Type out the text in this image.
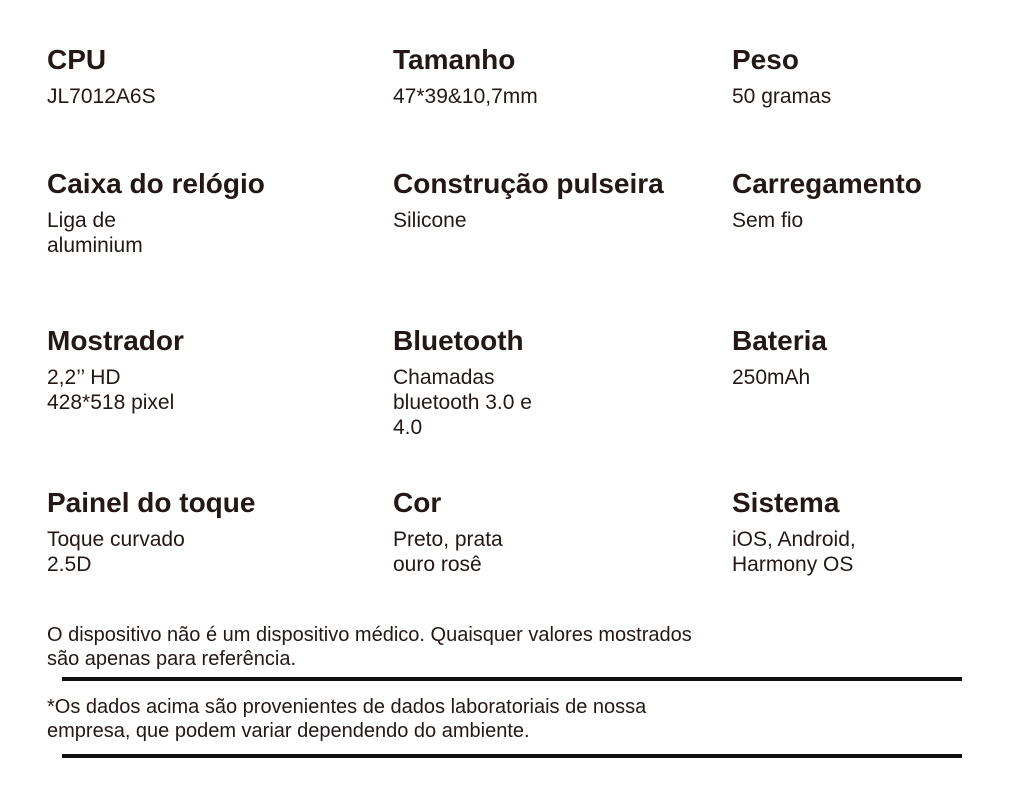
CPU
JL7012A6S
Tamanho
47*39&10,7mm
Peso
50 gramas
Caixa do relógio
Liga de
aluminium
Construção pulseira
Silicone
Carregamento
Sem fio
Mostrador
2,2’’ HD
428*518 pixel
Bluetooth
Chamadas
bluetooth 3.0 e
4.0
Bateria
250mAh
Painel do toque
Toque curvado
2.5D
Cor
Preto, prata
ouro rosê
Sistema
iOS, Android,
Harmony OS
O dispositivo não é um dispositivo médico. Quaisquer valores mostrados
são apenas para referência.
*Os dados acima são provenientes de dados laboratoriais de nossa
empresa, que podem variar dependendo do ambiente.
